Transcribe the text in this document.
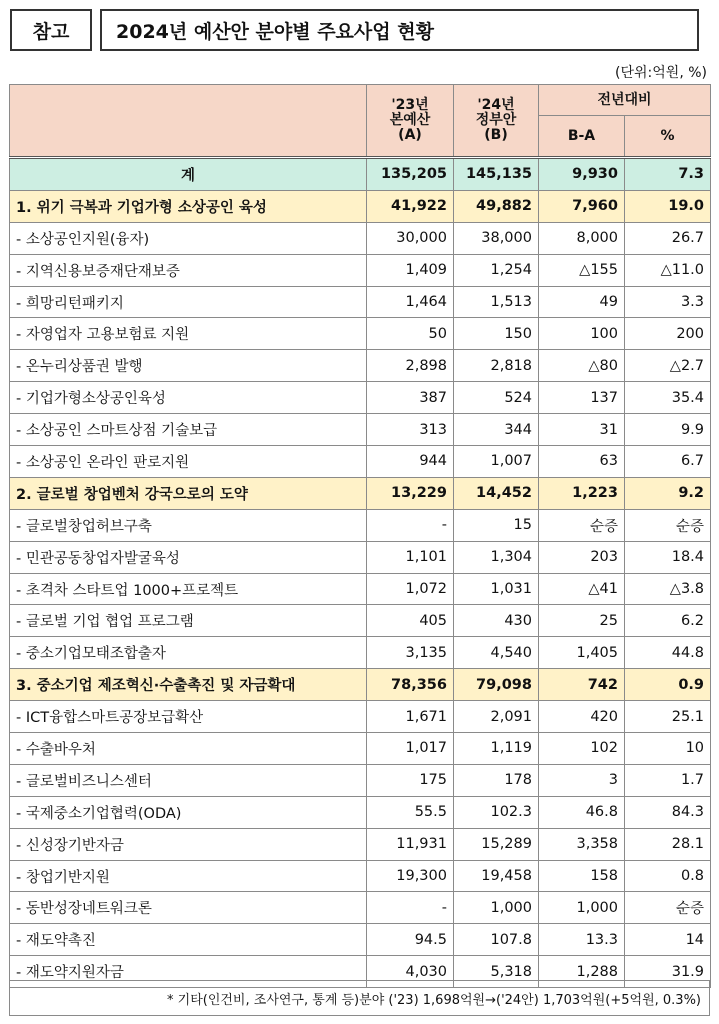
참고	2024년 예산안 분야별 주요사업 현황
(단위:억원, %)
	'23년
본예산
(A)	'24년
정부안
(B)	전년대비	
			B-A	%
계	135,205	145,135	9,930	7.3
1. 위기 극복과 기업가형 소상공인 육성	41,922	49,882	7,960	19.0
- 소상공인지원(융자)	30,000	38,000	8,000	26.7
- 지역신용보증재단재보증	1,409	1,254	△155	△11.0
- 희망리턴패키지	1,464	1,513	49	3.3
- 자영업자 고용보험료 지원	50	150	100	200
- 온누리상품권 발행	2,898	2,818	△80	△2.7
- 기업가형소상공인육성	387	524	137	35.4
- 소상공인 스마트상점 기술보급	313	344	31	9.9
- 소상공인 온라인 판로지원	944	1,007	63	6.7
2. 글로벌 창업벤처 강국으로의 도약	13,229	14,452	1,223	9.2
- 글로벌창업허브구축	-	15	순증	순증
- 민관공동창업자발굴육성	1,101	1,304	203	18.4
- 초격차 스타트업 1000+프로젝트	1,072	1,031	△41	△3.8
- 글로벌 기업 협업 프로그램	405	430	25	6.2
- 중소기업모태조합출자	3,135	4,540	1,405	44.8
3. 중소기업 제조혁신·수출촉진 및 자금확대	78,356	79,098	742	0.9
- ICT융합스마트공장보급확산	1,671	2,091	420	25.1
- 수출바우처	1,017	1,119	102	10
- 글로벌비즈니스센터	175	178	3	1.7
- 국제중소기업협력(ODA)	55.5	102.3	46.8	84.3
- 신성장기반자금	11,931	15,289	3,358	28.1
- 창업기반지원	19,300	19,458	158	0.8
- 동반성장네트워크론	-	1,000	1,000	순증
- 재도약촉진	94.5	107.8	13.3	14
- 재도약지원자금	4,030	5,318	1,288	31.9
* 기타(인건비, 조사연구, 통계 등)분야 ('23) 1,698억원→('24안) 1,703억원(+5억원, 0.3%)
